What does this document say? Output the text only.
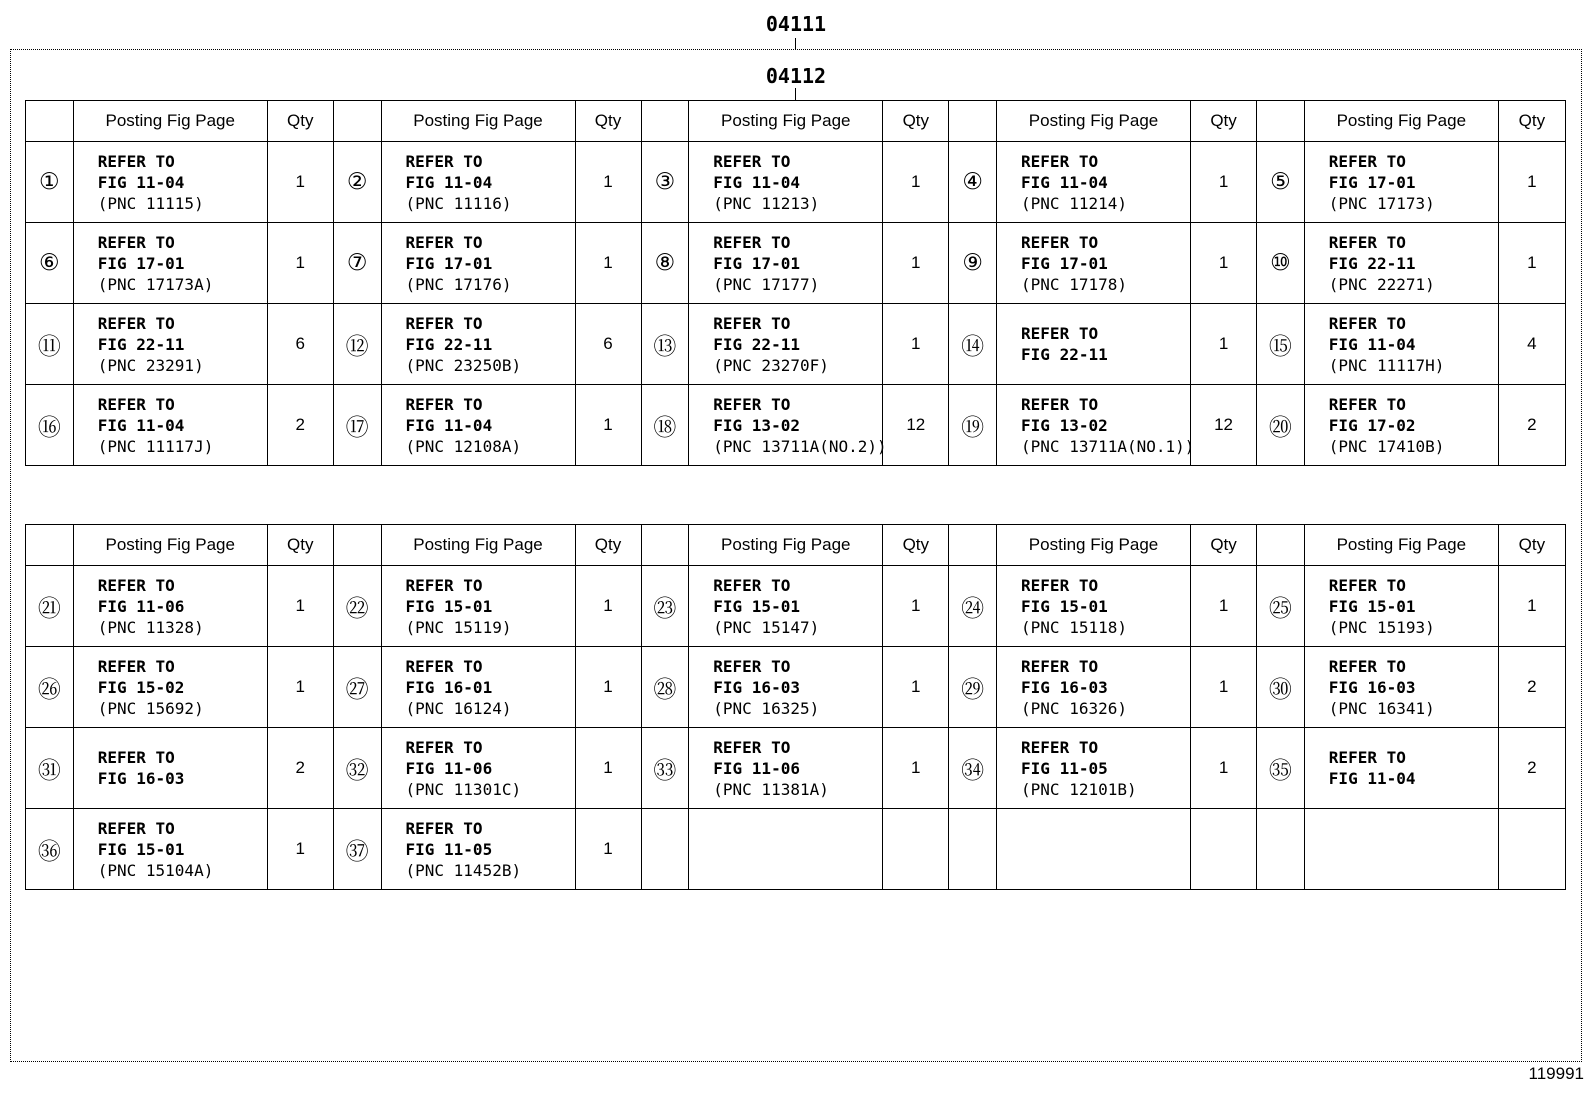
04111
04112
	Posting Fig Page	Qty		Posting Fig Page	Qty		Posting Fig Page	Qty		Posting Fig Page	Qty		Posting Fig Page	Qty
①	REFER TO
FIG 11-04
(PNC 11115)	1	②	REFER TO
FIG 11-04
(PNC 11116)	1	③	REFER TO
FIG 11-04
(PNC 11213)	1	④	REFER TO
FIG 11-04
(PNC 11214)	1	⑤	REFER TO
FIG 17-01
(PNC 17173)	1
⑥	REFER TO
FIG 17-01
(PNC 17173A)	1	⑦	REFER TO
FIG 17-01
(PNC 17176)	1	⑧	REFER TO
FIG 17-01
(PNC 17177)	1	⑨	REFER TO
FIG 17-01
(PNC 17178)	1	⑩	REFER TO
FIG 22-11
(PNC 22271)	1
⑪	REFER TO
FIG 22-11
(PNC 23291)	6	⑫	REFER TO
FIG 22-11
(PNC 23250B)	6	⑬	REFER TO
FIG 22-11
(PNC 23270F)	1	⑭	REFER TO
FIG 22-11	1	⑮	REFER TO
FIG 11-04
(PNC 11117H)	4
⑯	REFER TO
FIG 11-04
(PNC 11117J)	2	⑰	REFER TO
FIG 11-04
(PNC 12108A)	1	⑱	REFER TO
FIG 13-02
(PNC 13711A(NO.2))	12	⑲	REFER TO
FIG 13-02
(PNC 13711A(NO.1))	12	⑳	REFER TO
FIG 17-02
(PNC 17410B)	2
	Posting Fig Page	Qty		Posting Fig Page	Qty		Posting Fig Page	Qty		Posting Fig Page	Qty		Posting Fig Page	Qty
㉑	REFER TO
FIG 11-06
(PNC 11328)	1	㉒	REFER TO
FIG 15-01
(PNC 15119)	1	㉓	REFER TO
FIG 15-01
(PNC 15147)	1	㉔	REFER TO
FIG 15-01
(PNC 15118)	1	㉕	REFER TO
FIG 15-01
(PNC 15193)	1
㉖	REFER TO
FIG 15-02
(PNC 15692)	1	㉗	REFER TO
FIG 16-01
(PNC 16124)	1	㉘	REFER TO
FIG 16-03
(PNC 16325)	1	㉙	REFER TO
FIG 16-03
(PNC 16326)	1	㉚	REFER TO
FIG 16-03
(PNC 16341)	2
㉛	REFER TO
FIG 16-03	2	㉜	REFER TO
FIG 11-06
(PNC 11301C)	1	㉝	REFER TO
FIG 11-06
(PNC 11381A)	1	㉞	REFER TO
FIG 11-05
(PNC 12101B)	1	㉟	REFER TO
FIG 11-04	2
㊱	REFER TO
FIG 15-01
(PNC 15104A)	1	㊲	REFER TO
FIG 11-05
(PNC 11452B)	1		

119991
